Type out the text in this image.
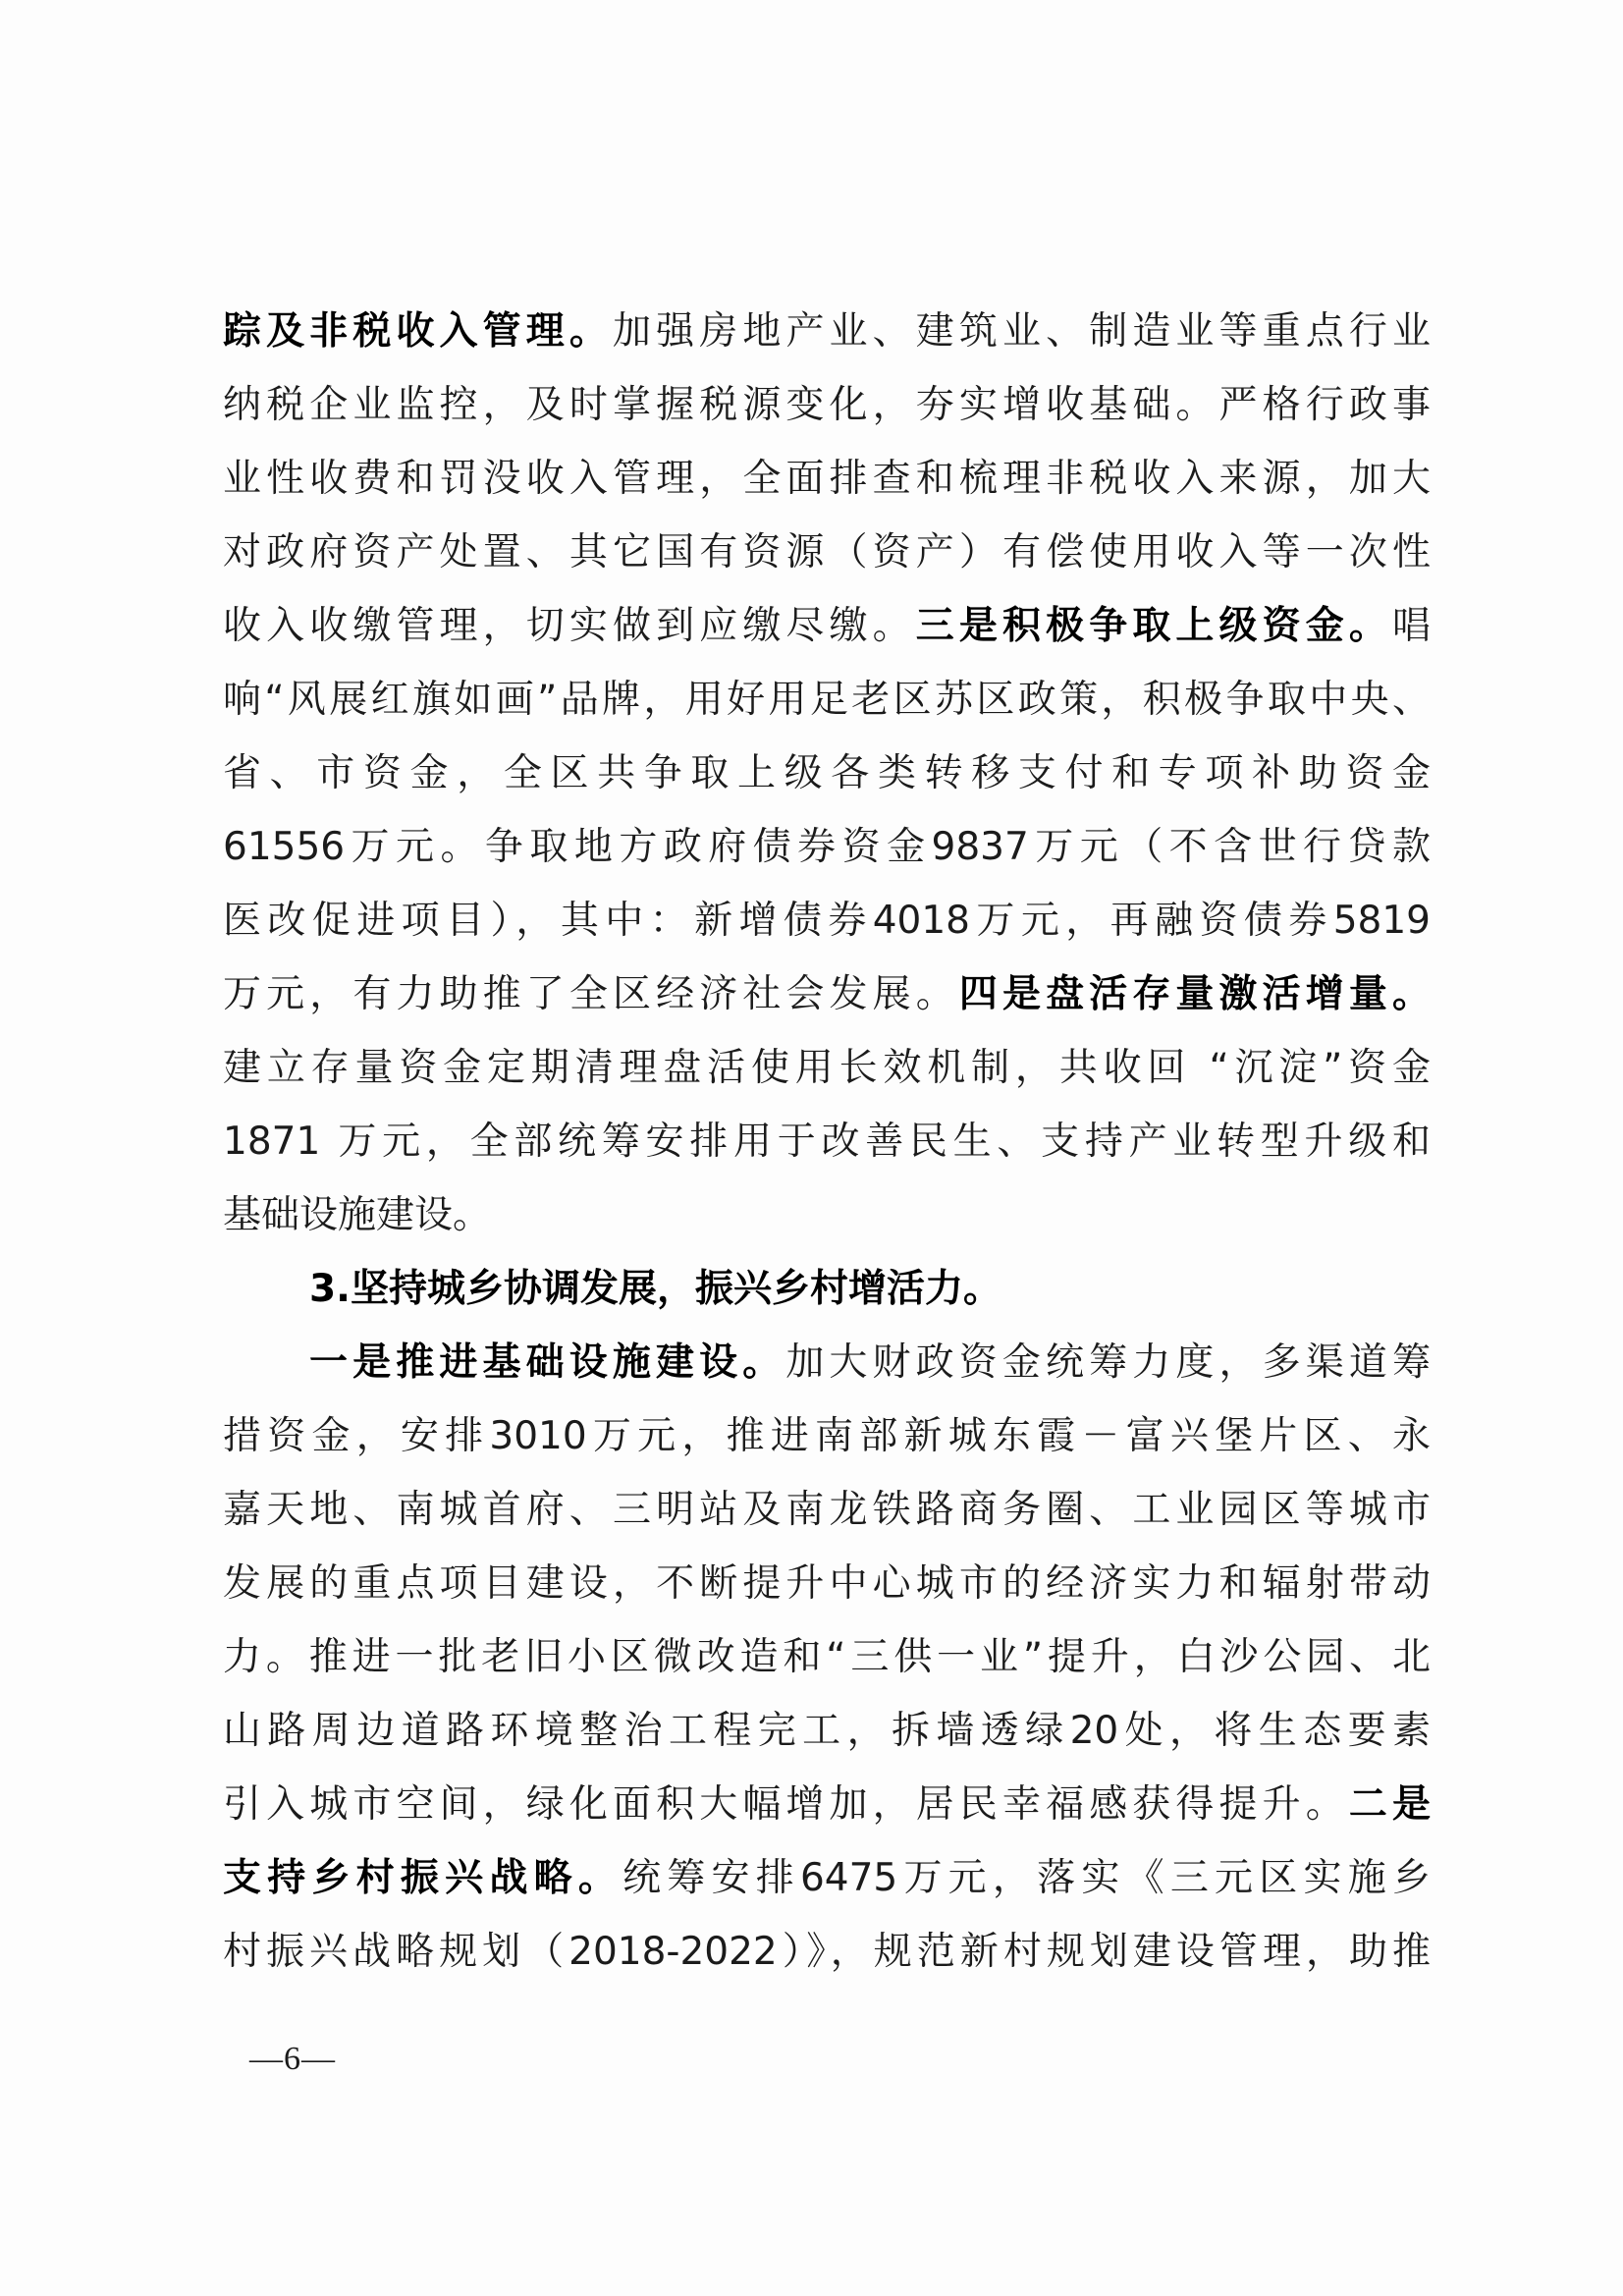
踪及非税收入管理。加强房地产业、建筑业、制造业等重点行业
纳税企业监控，及时掌握税源变化，夯实增收基础。严格行政事
业性收费和罚没收入管理，全面排查和梳理非税收入来源，加大
对政府资产处置、其它国有资源（资产）有偿使用收入等一次性
收入收缴管理，切实做到应缴尽缴。三是积极争取上级资金。唱
响“风展红旗如画”品牌，用好用足老区苏区政策，积极争取中央、
省、市资金，全区共争取上级各类转移支付和专项补助资金
61556万元。争取地方政府债券资金9837万元（不含世行贷款
医改促进项目），其中：新增债券4018万元，再融资债券5819
万元，有力助推了全区经济社会发展。四是盘活存量激活增量。
建立存量资金定期清理盘活使用长效机制，共收回 “沉淀”资金
1871 万元，全部统筹安排用于改善民生、支持产业转型升级和
基础设施建设。
3.坚持城乡协调发展，振兴乡村增活力。
一是推进基础设施建设。加大财政资金统筹力度，多渠道筹
措资金，安排3010万元，推进南部新城东霞－富兴堡片区、永
嘉天地、南城首府、三明站及南龙铁路商务圈、工业园区等城市
发展的重点项目建设，不断提升中心城市的经济实力和辐射带动
力。推进一批老旧小区微改造和“三供一业”提升，白沙公园、北
山路周边道路环境整治工程完工，拆墙透绿20处，将生态要素
引入城市空间，绿化面积大幅增加，居民幸福感获得提升。二是
支持乡村振兴战略。统筹安排6475万元，落实《三元区实施乡
村振兴战略规划（2018-2022）》，规范新村规划建设管理，助推
—6—
